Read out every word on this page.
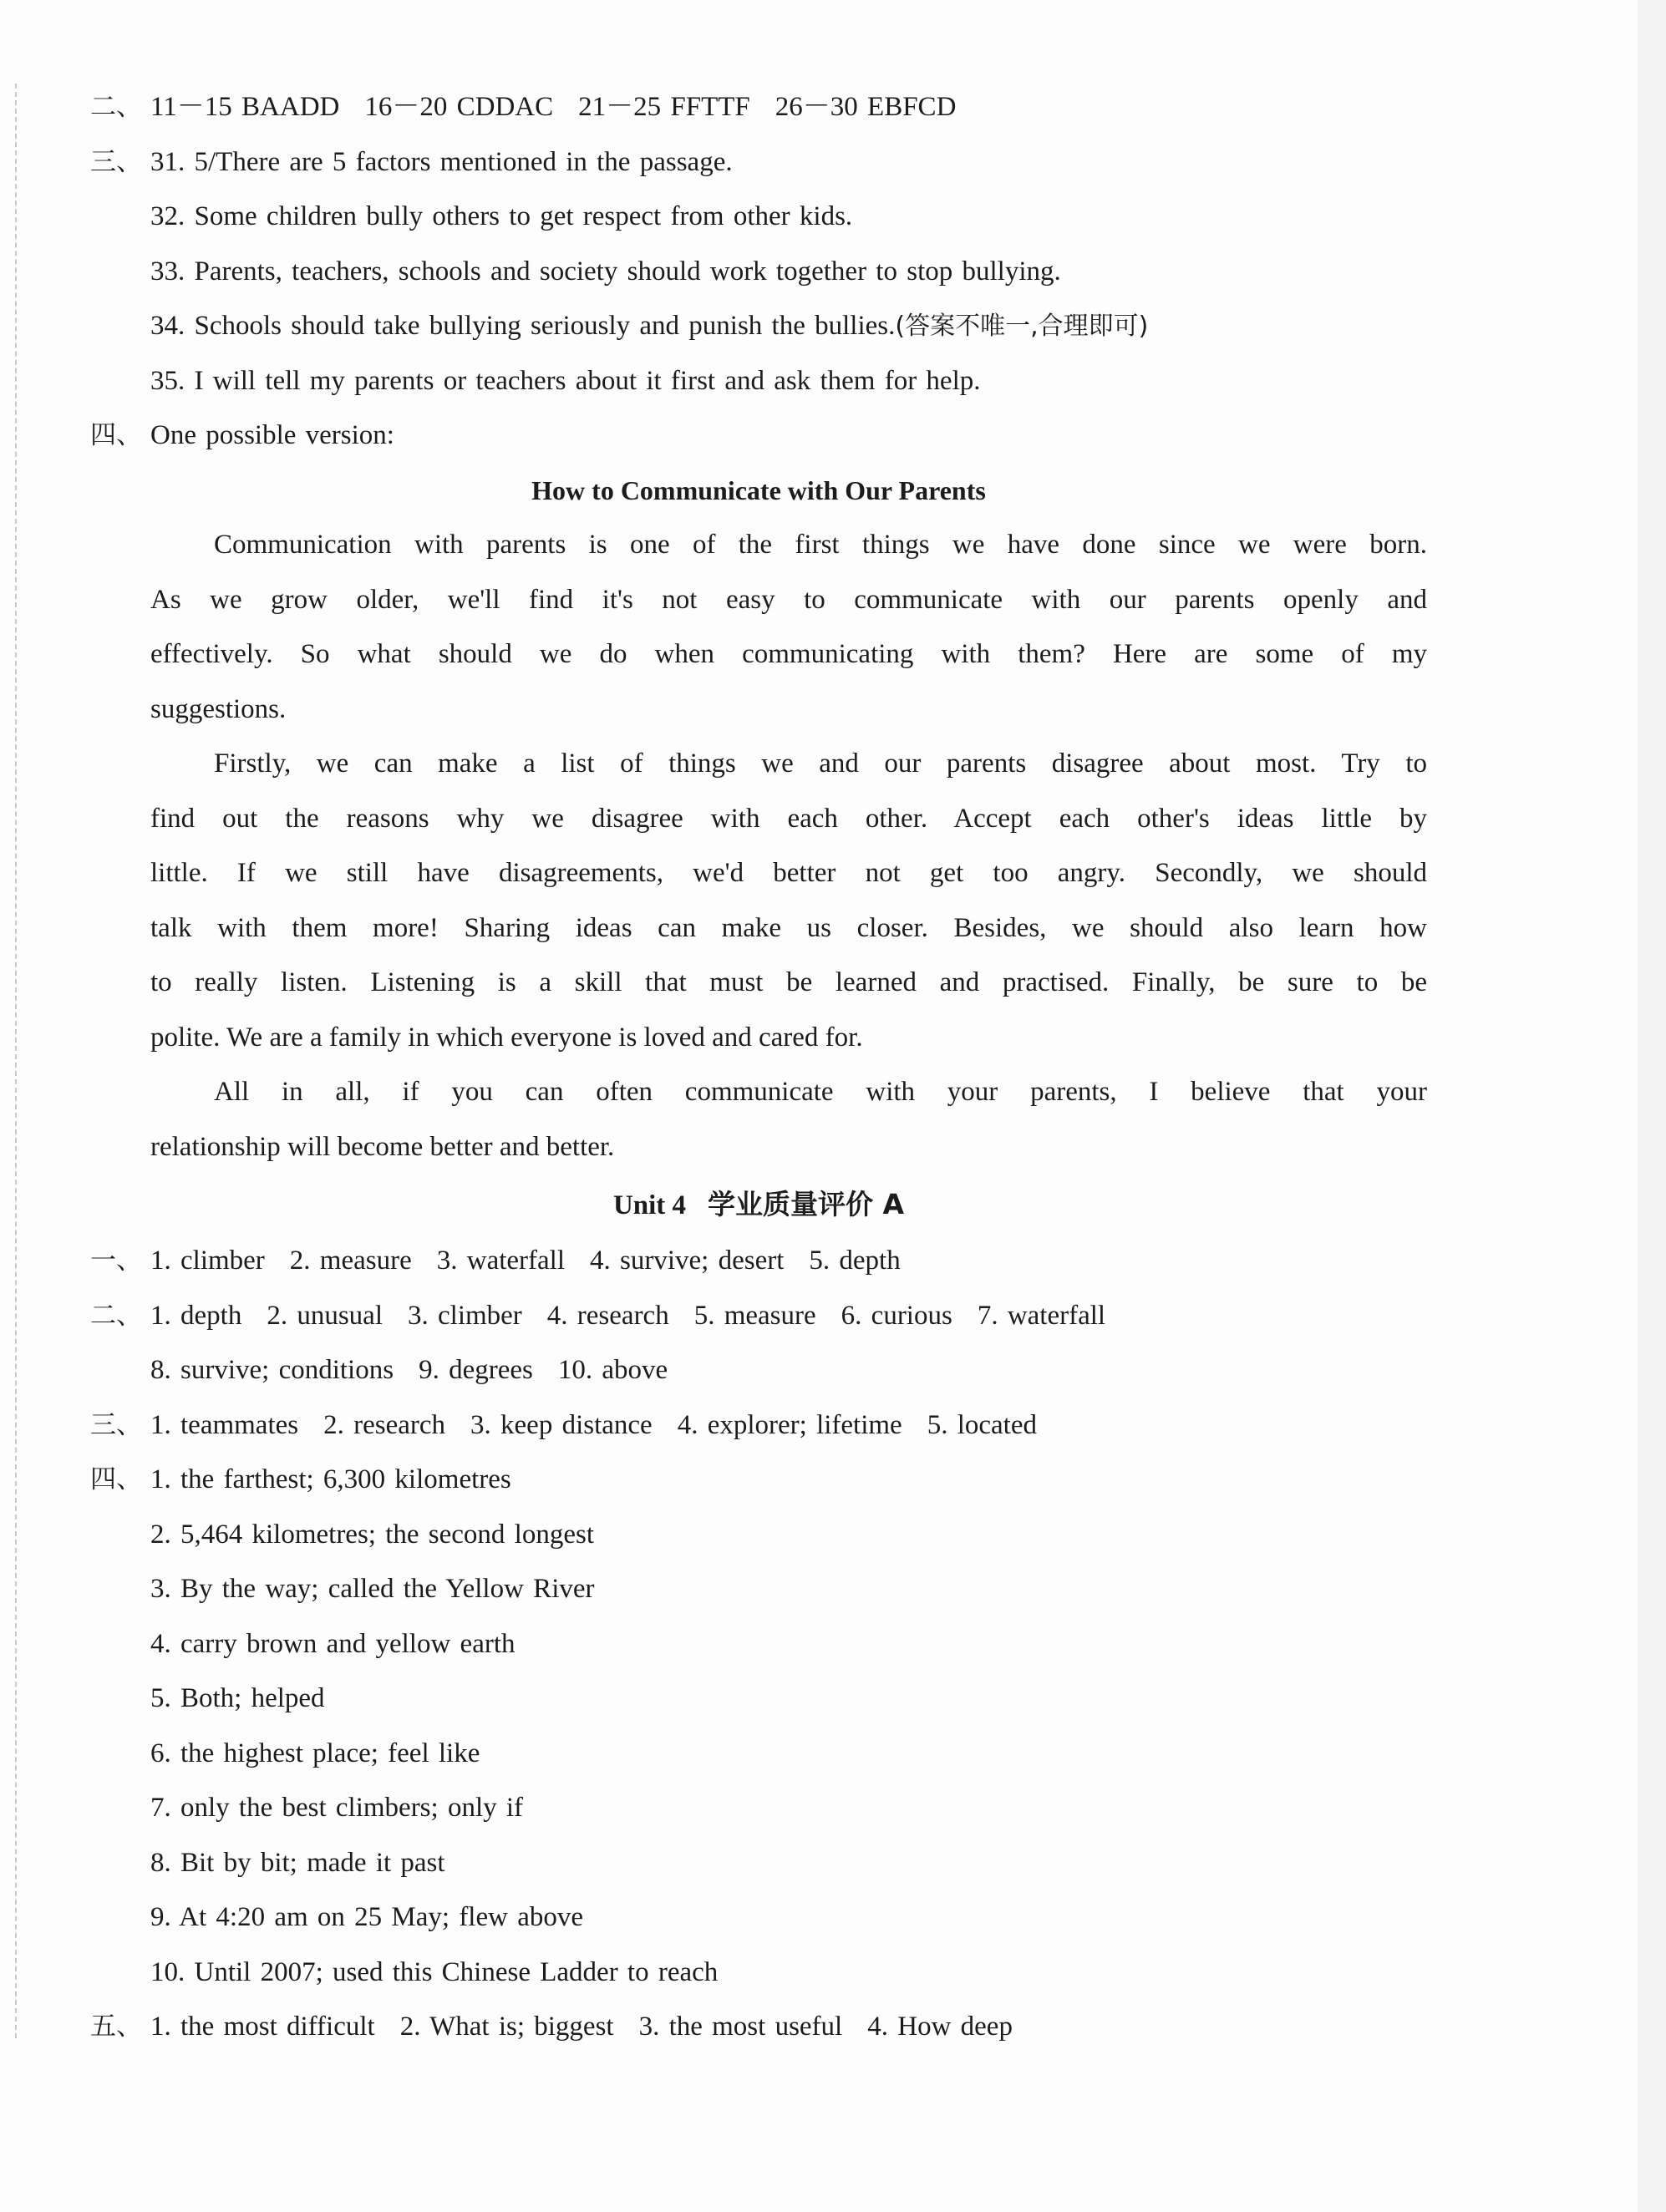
二、 11－15 BAADD 16－20 CDDAC 21－25 FFTTF 26－30 EBFCD
三、 31. 5/There are 5 factors mentioned in the passage.
32. Some children bully others to get respect from other kids.
33. Parents, teachers, schools and society should work together to stop bullying.
34. Schools should take bullying seriously and punish the bullies.(答案不唯一,合理即可)
35. I will tell my parents or teachers about it first and ask them for help.
四、 One possible version:
How to Communicate with Our Parents
Communication with parents is one of the first things we have done since we were born.
As we grow older, we'll find it's not easy to communicate with our parents openly and
effectively. So what should we do when communicating with them? Here are some of my
suggestions.
Firstly, we can make a list of things we and our parents disagree about most. Try to
find out the reasons why we disagree with each other. Accept each other's ideas little by
little. If we still have disagreements, we'd better not get too angry. Secondly, we should
talk with them more! Sharing ideas can make us closer. Besides, we should also learn how
to really listen. Listening is a skill that must be learned and practised. Finally, be sure to be
polite. We are a family in which everyone is loved and cared for.
All in all, if you can often communicate with your parents, I believe that your
relationship will become better and better.
Unit 4 学业质量评价 A
一、 1. climber 2. measure 3. waterfall 4. survive; desert 5. depth
二、 1. depth 2. unusual 3. climber 4. research 5. measure 6. curious 7. waterfall
8. survive; conditions 9. degrees 10. above
三、 1. teammates 2. research 3. keep distance 4. explorer; lifetime 5. located
四、 1. the farthest; 6,300 kilometres
2. 5,464 kilometres; the second longest
3. By the way; called the Yellow River
4. carry brown and yellow earth
5. Both; helped
6. the highest place; feel like
7. only the best climbers; only if
8. Bit by bit; made it past
9. At 4:20 am on 25 May; flew above
10. Until 2007; used this Chinese Ladder to reach
五、 1. the most difficult 2. What is; biggest 3. the most useful 4. How deep
